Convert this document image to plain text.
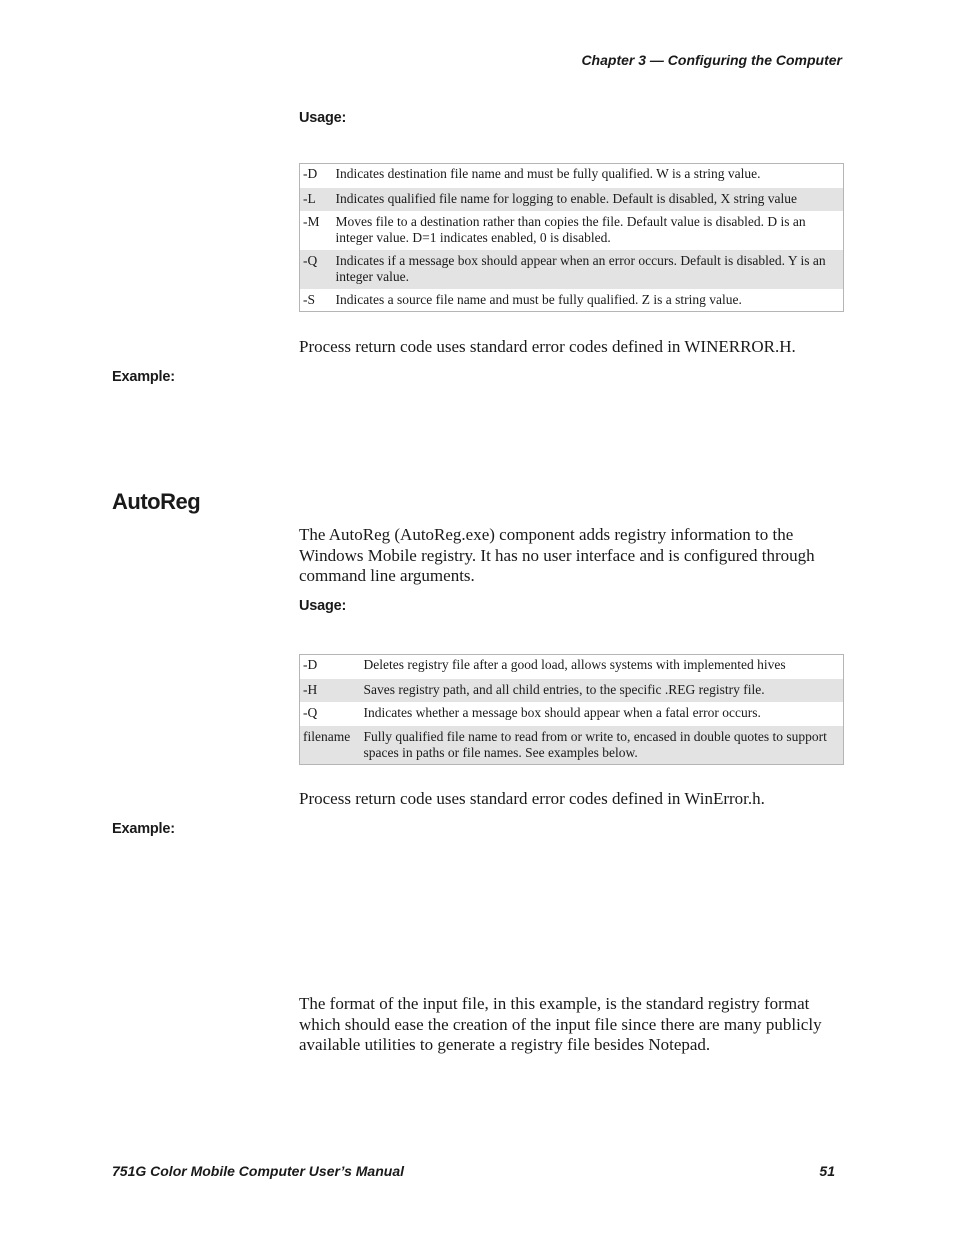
Chapter 3 — Configuring the Computer
Usage:
-D	Indicates destination file name and must be fully qualified. W is a string value.
-L	Indicates qualified file name for logging to enable. Default is disabled, X string value
-M	Moves file to a destination rather than copies the file. Default value is disabled. D is an integer value. D=1 indicates enabled, 0 is disabled.
-Q	Indicates if a message box should appear when an error occurs. Default is disabled. Y is an integer value.
-S	Indicates a source file name and must be fully qualified. Z is a string value.
Process return code uses standard error codes defined in WINERROR.H.
Example:
AutoReg
The AutoReg (AutoReg.exe) component adds registry information to the Windows Mobile registry. It has no user interface and is configured through command line arguments.
Usage:
-D	Deletes registry file after a good load, allows systems with implemented hives
-H	Saves registry path, and all child entries, to the specific .REG registry file.
-Q	Indicates whether a message box should appear when a fatal error occurs.
filename	Fully qualified file name to read from or write to, encased in double quotes to support spaces in paths or file names. See examples below.
Process return code uses standard error codes defined in WinError.h.
Example:
The format of the input file, in this example, is the standard registry format which should ease the creation of the input file since there are many publicly available utilities to generate a registry file besides Notepad.
751G Color Mobile Computer User’s Manual	51
